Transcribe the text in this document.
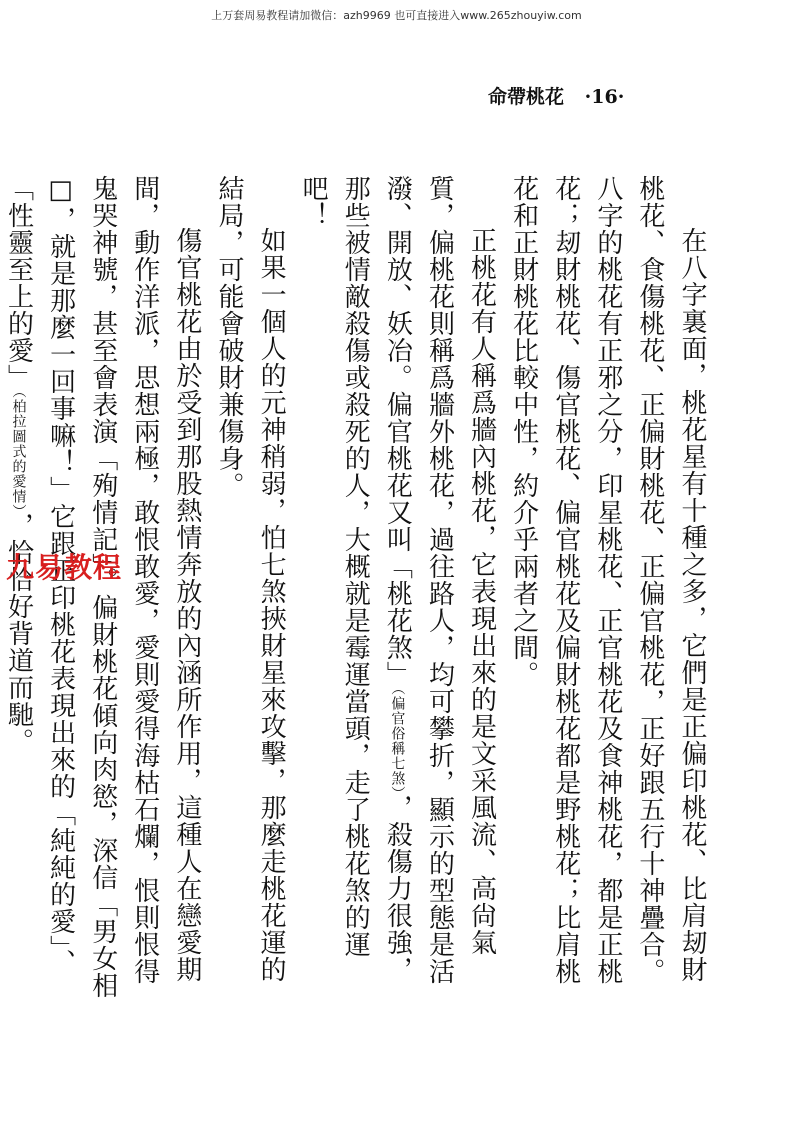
上万套周易教程请加微信：azh9969 也可直接进入www.265zhouyiw.com
命帶桃花 ·16·

在八字裏面，桃花星有十種之多，它們是正偏印桃花、比肩刼財桃花、食傷桃花、正偏財桃花、正偏官桃花，正好跟五行十神疊合。八字的桃花有正邪之分，印星桃花、正官桃花及食神桃花，都是正桃花；刼財桃花、傷官桃花、偏官桃花及偏財桃花都是野桃花；比肩桃花和正財桃花比較中性，約介乎兩者之間。

正桃花有人稱爲牆內桃花，它表現出來的是文采風流、高尙氣質，偏桃花則稱爲牆外桃花，過往路人，均可攀折，顯示的型態是活潑、開放、妖冶。偏官桃花又叫「桃花煞」（偏官俗稱七煞），殺傷力很強，那些被情敵殺傷或殺死的人，大概就是霉運當頭，走了桃花煞的運吧！

如果一個人的元神稍弱，怕七煞挾財星來攻擊，那麼走桃花運的結局，可能會破財兼傷身。

傷官桃花由於受到那股熱情奔放的內涵所作用，這種人在戀愛期間，動作洋派，思想兩極，敢恨敢愛，愛則愛得海枯石爛，恨則恨得鬼哭神號，甚至會表演「殉情記」。偏財桃花傾向肉慾，深信「男女相□，就是那麼一回事嘛！」它跟正印桃花表現出來的「純純的愛」、「性靈至上的愛」（柏拉圖式的愛情），恰恰好背道而馳。

九易教程
